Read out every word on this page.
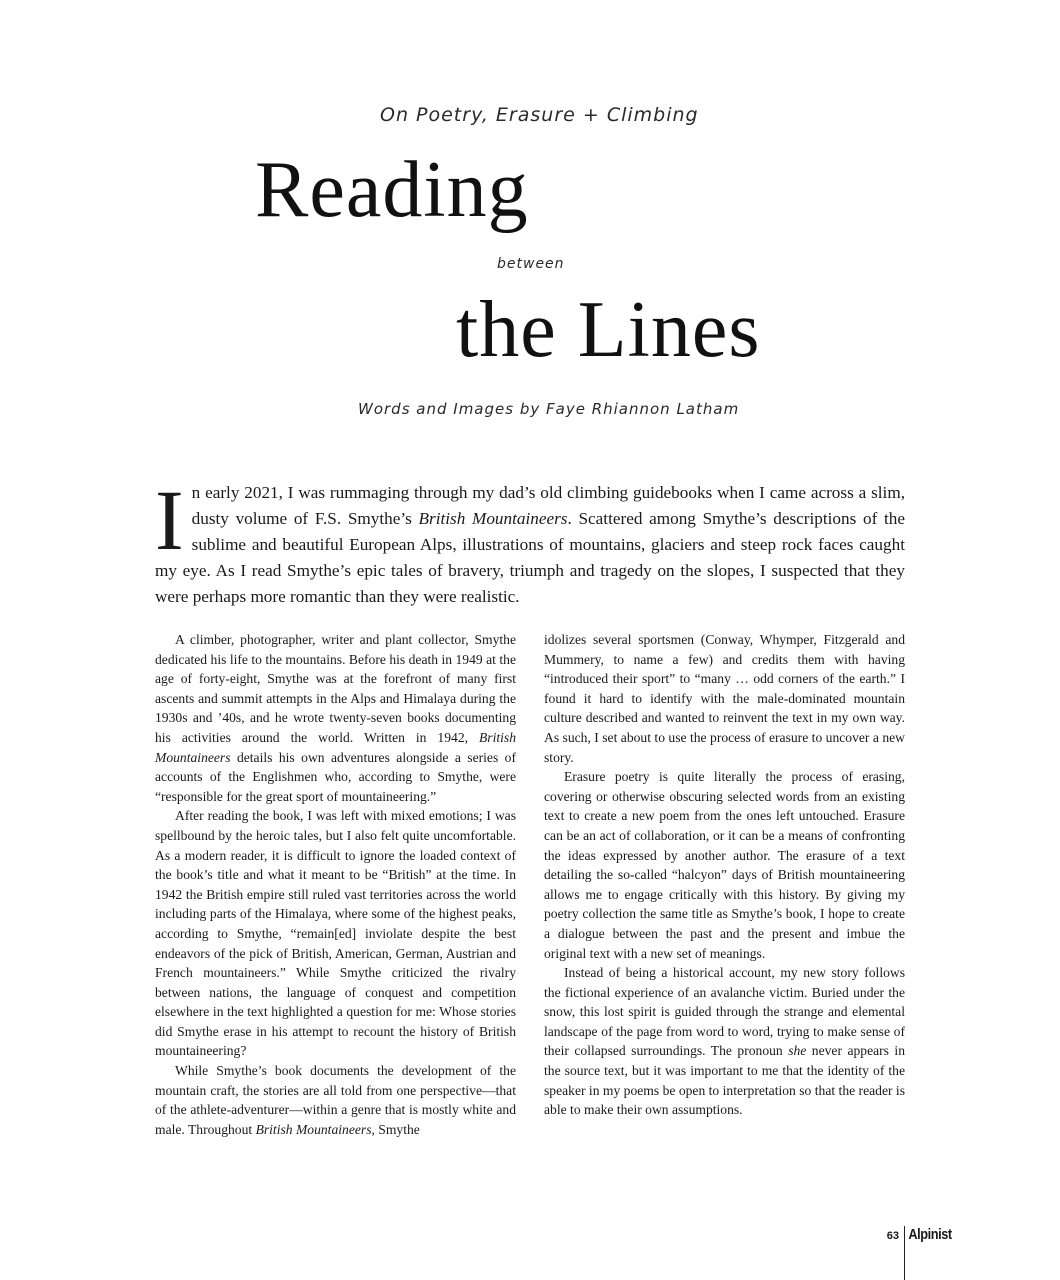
On Poetry, Erasure + Climbing
Reading
between
the Lines
Words and Images by Faye Rhiannon Latham

In early 2021, I was rummaging through my dad’s old climbing guidebooks when I came across a slim, dusty volume of F.S. Smythe’s British Mountaineers. Scattered among Smythe’s descriptions of the sublime and beautiful European Alps, illustrations of mountains, glaciers and steep rock faces caught my eye. As I read Smythe’s epic tales of bravery, triumph and tragedy on the slopes, I suspected that they were perhaps more romantic than they were realistic.

A climber, photographer, writer and plant collector, Smythe dedicated his life to the mountains. Before his death in 1949 at the age of forty-eight, Smythe was at the forefront of many first ascents and summit attempts in the Alps and Himalaya during the 1930s and ’40s, and he wrote twenty-seven books documenting his activities around the world. Written in 1942, British Mountaineers details his own adventures alongside a series of accounts of the Englishmen who, according to Smythe, were “responsible for the great sport of mountaineering.”

After reading the book, I was left with mixed emotions; I was spellbound by the heroic tales, but I also felt quite uncomfortable. As a modern reader, it is difficult to ignore the loaded context of the book’s title and what it meant to be “British” at the time. In 1942 the British empire still ruled vast territories across the world including parts of the Himalaya, where some of the highest peaks, according to Smythe, “remain[ed] inviolate despite the best endeavors of the pick of British, American, German, Austrian and French mountaineers.” While Smythe criticized the rivalry between nations, the language of conquest and competition elsewhere in the text highlighted a question for me: Whose stories did Smythe erase in his attempt to recount the history of British mountaineering?

While Smythe’s book documents the development of the mountain craft, the stories are all told from one perspective—that of the athlete-adventurer—within a genre that is mostly white and male. Throughout British Mountaineers, Smythe

idolizes several sportsmen (Conway, Whymper, Fitzgerald and Mummery, to name a few) and credits them with having “introduced their sport” to “many … odd corners of the earth.” I found it hard to identify with the male-dominated mountain culture described and wanted to reinvent the text in my own way. As such, I set about to use the process of erasure to uncover a new story.

Erasure poetry is quite literally the process of erasing, covering or otherwise obscuring selected words from an existing text to create a new poem from the ones left untouched. Erasure can be an act of collaboration, or it can be a means of confronting the ideas expressed by another author. The erasure of a text detailing the so-called “halcyon” days of British mountaineering allows me to engage critically with this history. By giving my poetry collection the same title as Smythe’s book, I hope to create a dialogue between the past and the present and imbue the original text with a new set of meanings.

Instead of being a historical account, my new story follows the fictional experience of an avalanche victim. Buried under the snow, this lost spirit is guided through the strange and elemental landscape of the page from word to word, trying to make sense of their collapsed surroundings. The pronoun she never appears in the source text, but it was important to me that the identity of the speaker in my poems be open to interpretation so that the reader is able to make their own assumptions.

63 Alpinist
